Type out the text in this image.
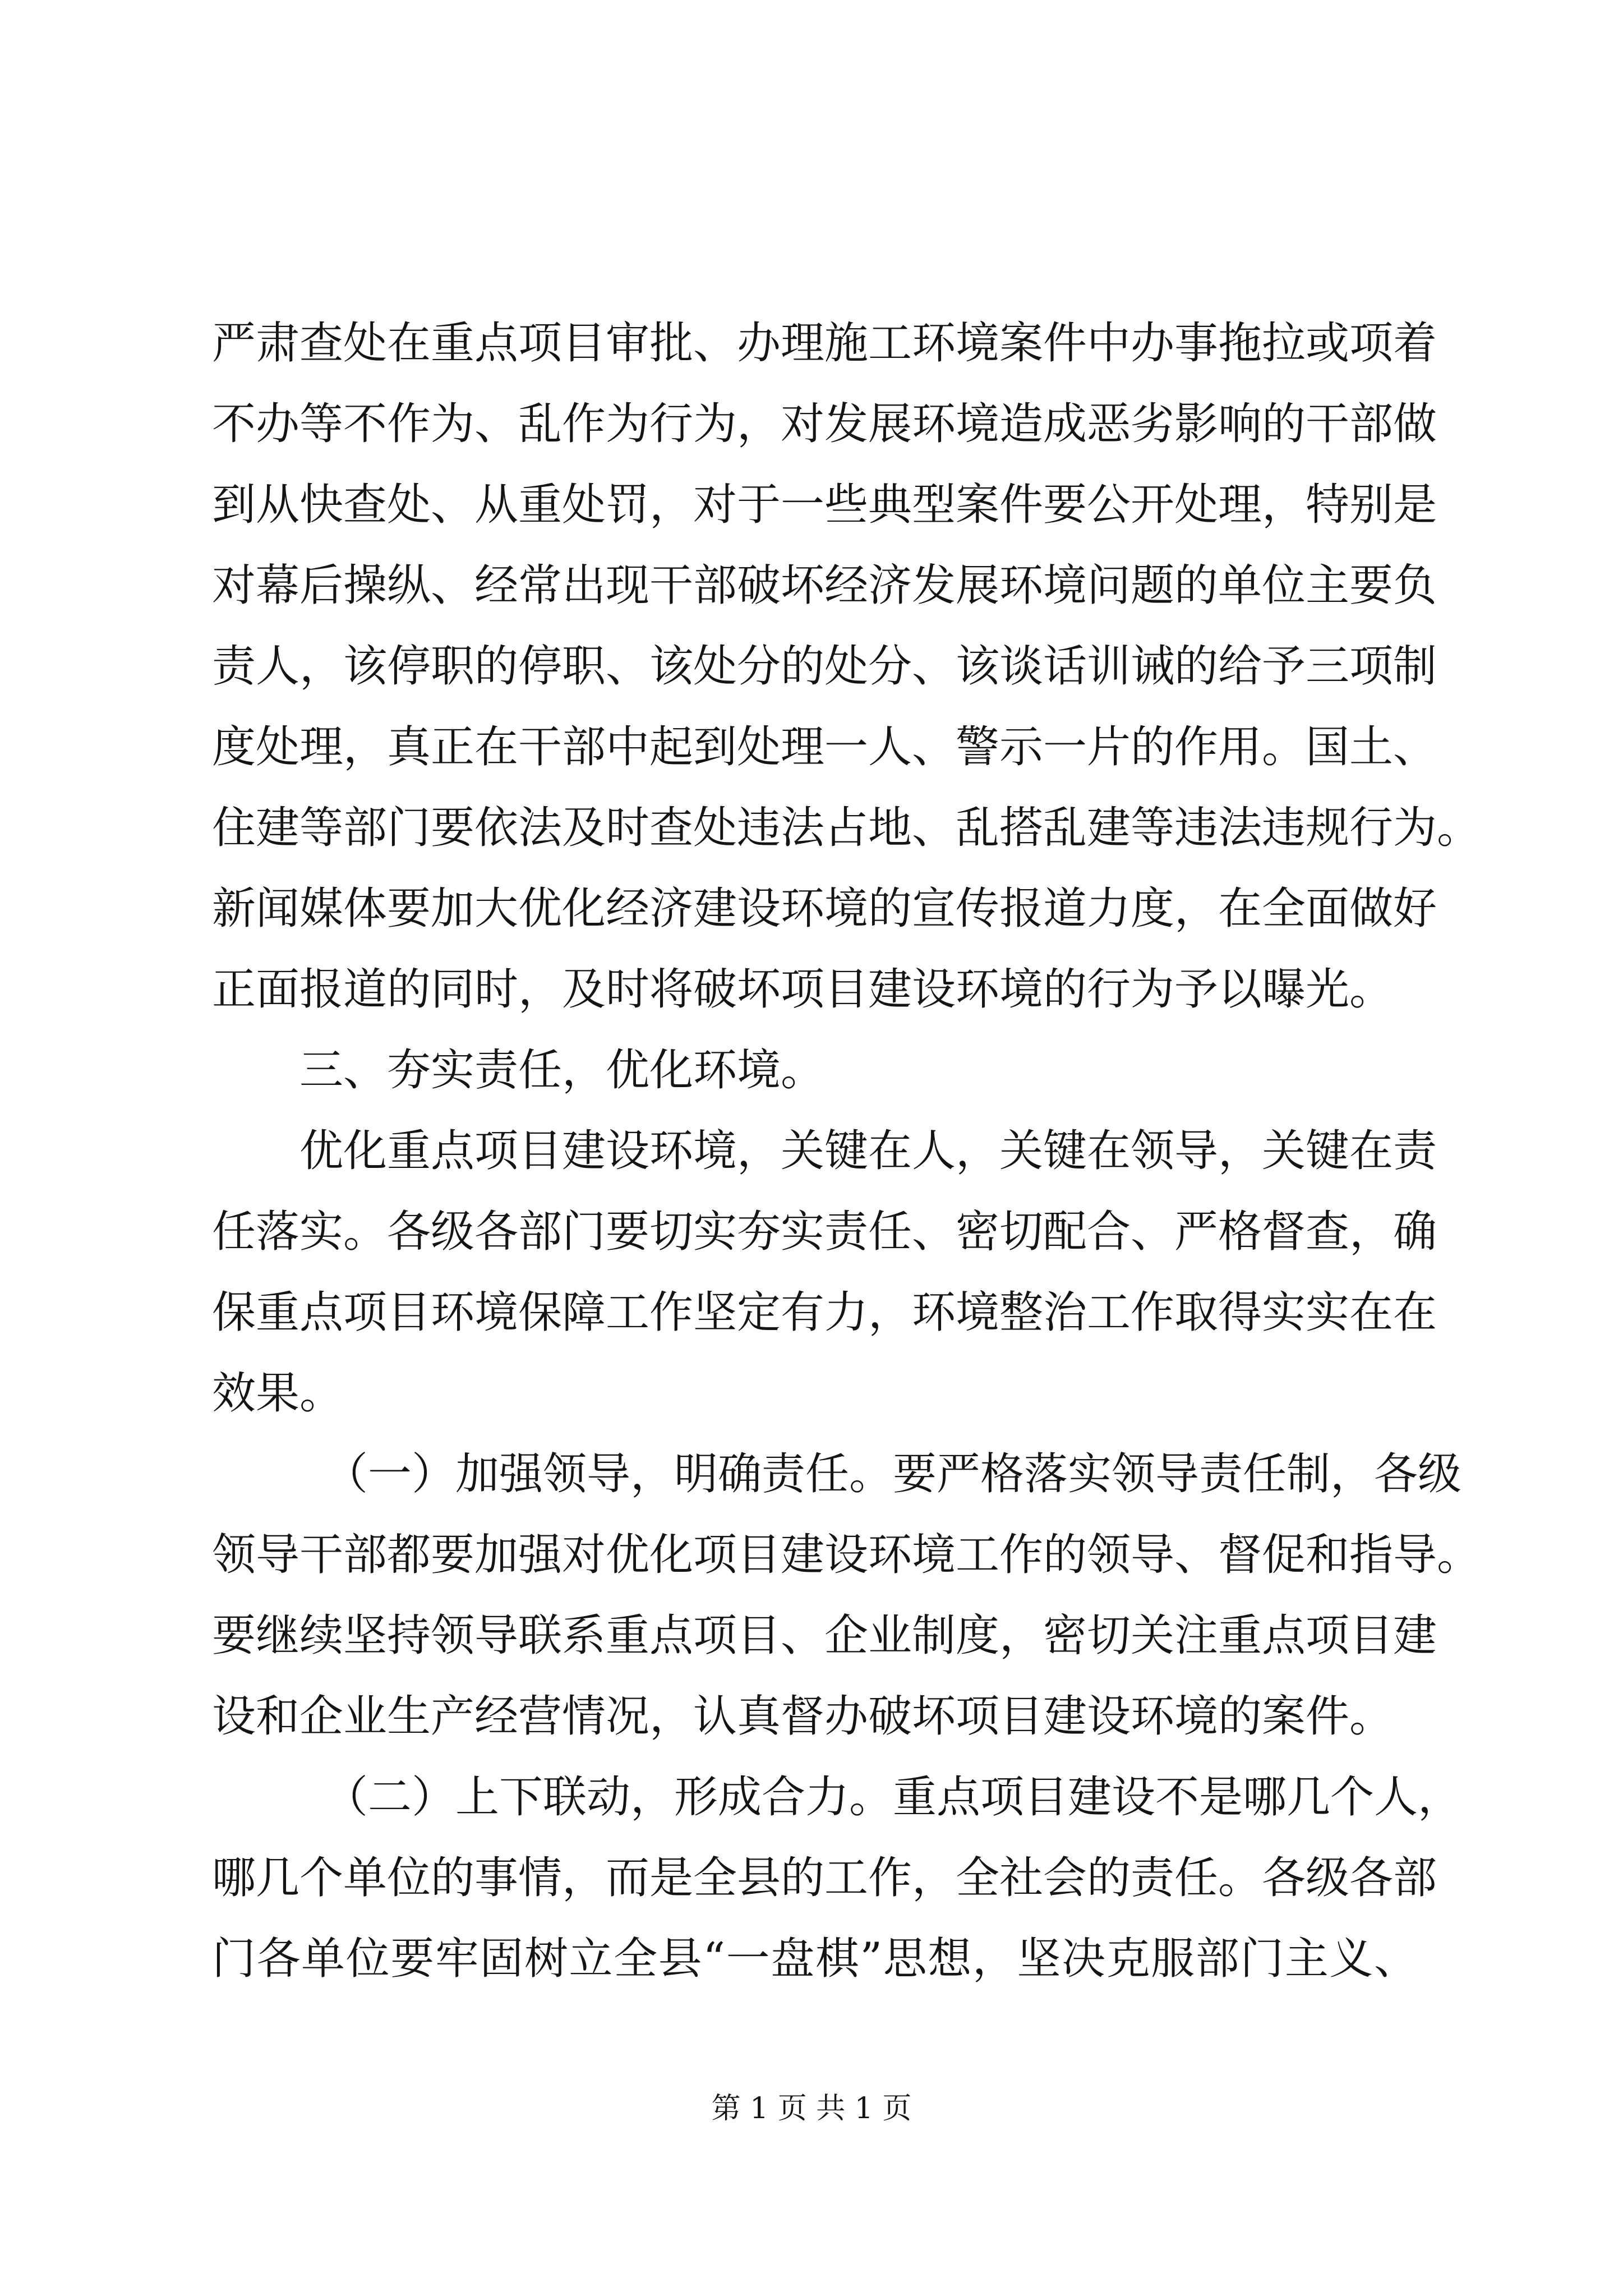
严肃查处在重点项目审批、办理施工环境案件中办事拖拉或项着
不办等不作为、乱作为行为，对发展环境造成恶劣影响的干部做
到从快查处、从重处罚，对于一些典型案件要公开处理，特别是
对幕后操纵、经常出现干部破坏经济发展环境问题的单位主要负
责人，该停职的停职、该处分的处分、该谈话训诫的给予三项制
度处理，真正在干部中起到处理一人、警示一片的作用。国土、
住建等部门要依法及时查处违法占地、乱搭乱建等违法违规行为。
新闻媒体要加大优化经济建设环境的宣传报道力度，在全面做好
正面报道的同时，及时将破坏项目建设环境的行为予以曝光。
三、夯实责任，优化环境。
优化重点项目建设环境，关键在人，关键在领导，关键在责
任落实。各级各部门要切实夯实责任、密切配合、严格督查，确
保重点项目环境保障工作坚定有力，环境整治工作取得实实在在
效果。
（一）加强领导，明确责任。要严格落实领导责任制，各级
领导干部都要加强对优化项目建设环境工作的领导、督促和指导。
要继续坚持领导联系重点项目、企业制度，密切关注重点项目建
设和企业生产经营情况，认真督办破坏项目建设环境的案件。
（二）上下联动，形成合力。重点项目建设不是哪几个人，
哪几个单位的事情，而是全县的工作，全社会的责任。各级各部
门各单位要牢固树立全县“一盘棋”思想，坚决克服部门主义、
第 1 页 共 1 页
